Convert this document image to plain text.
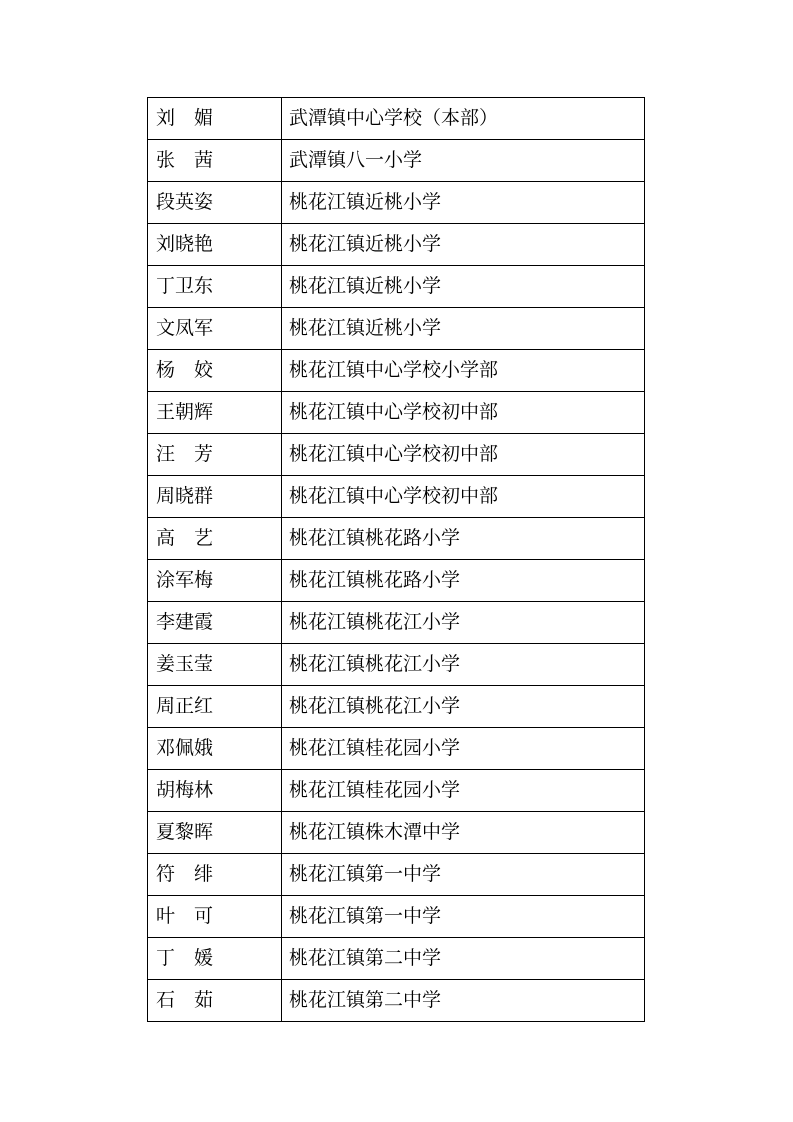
刘　媚	武潭镇中心学校（本部）
张　茜	武潭镇八一小学
段英姿	桃花江镇近桃小学
刘晓艳	桃花江镇近桃小学
丁卫东	桃花江镇近桃小学
文凤军	桃花江镇近桃小学
杨　姣	桃花江镇中心学校小学部
王朝辉	桃花江镇中心学校初中部
汪　芳	桃花江镇中心学校初中部
周晓群	桃花江镇中心学校初中部
高　艺	桃花江镇桃花路小学
涂军梅	桃花江镇桃花路小学
李建霞	桃花江镇桃花江小学
姜玉莹	桃花江镇桃花江小学
周正红	桃花江镇桃花江小学
邓佩娥	桃花江镇桂花园小学
胡梅林	桃花江镇桂花园小学
夏黎晖	桃花江镇株木潭中学
符　绯	桃花江镇第一中学
叶　可	桃花江镇第一中学
丁　媛	桃花江镇第二中学
石　茹	桃花江镇第二中学
